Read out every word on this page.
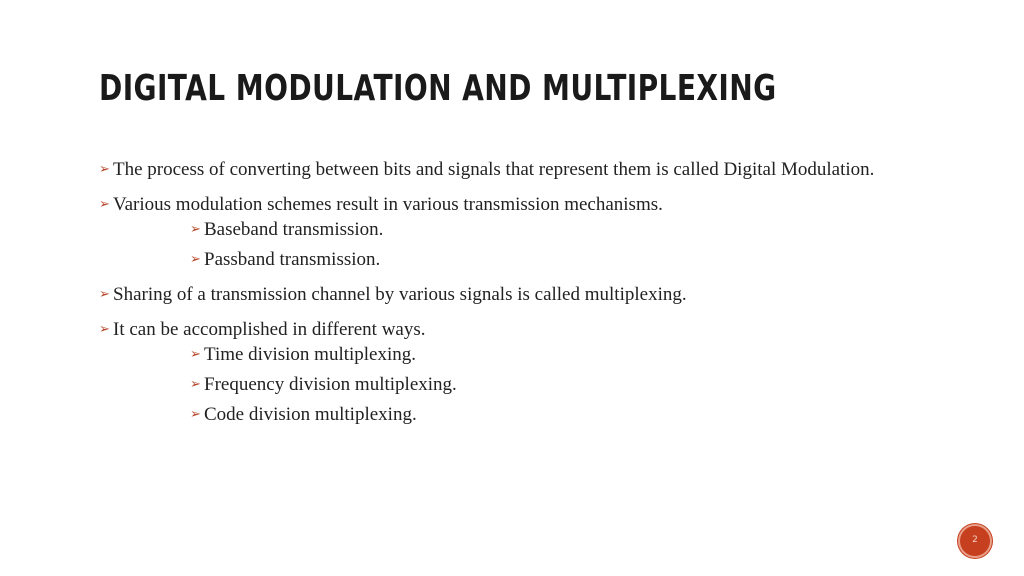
DIGITAL MODULATION AND MULTIPLEXING
➢ The process of converting between bits and signals that represent them is called Digital Modulation.
➢ Various modulation schemes result in various transmission mechanisms.
➢ Baseband transmission.
➢ Passband transmission.
➢ Sharing of a transmission channel by various signals is called multiplexing.
➢ It can be accomplished in different ways.
➢ Time division multiplexing.
➢ Frequency division multiplexing.
➢ Code division multiplexing.
2
